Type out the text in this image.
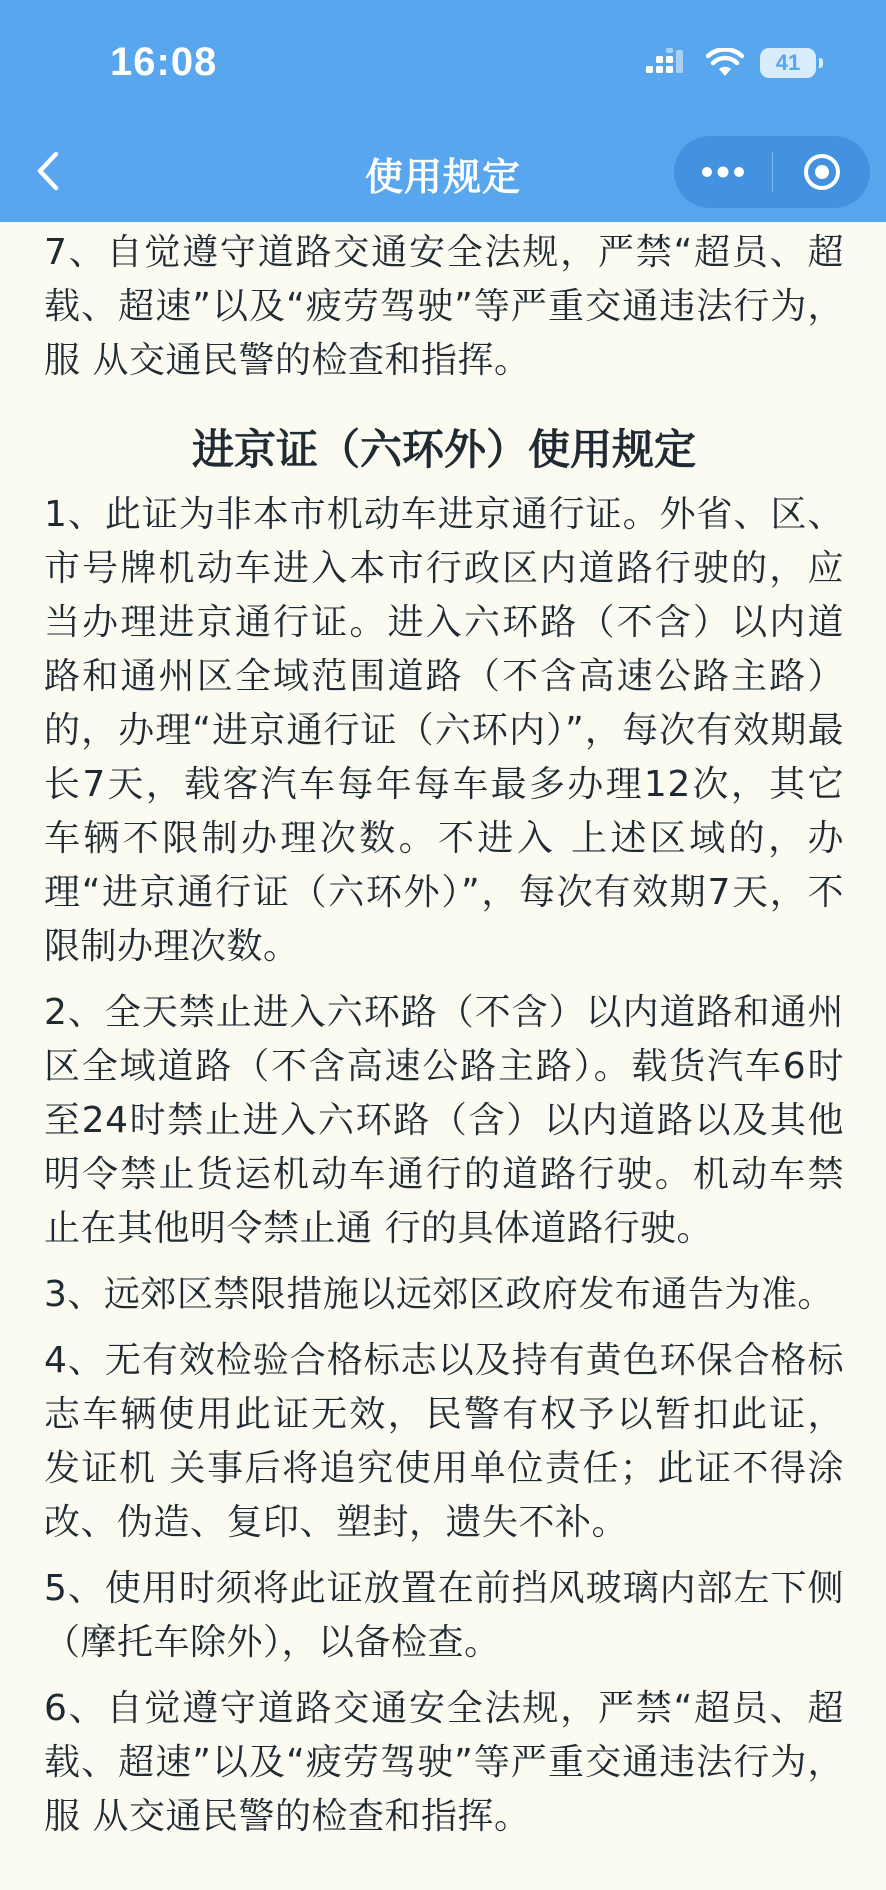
16:08	41
使用规定

7、自觉遵守道路交通安全法规，严禁“超员、超载、超速”以及“疲劳驾驶”等严重交通违法行为，服 从交通民警的检查和指挥。

进京证（六环外）使用规定

1、此证为非本市机动车进京通行证。外省、区、市号牌机动车进入本市行政区内道路行驶的，应当办理进京通行证。进入六环路（不含）以内道路和通州区全域范围道路（不含高速公路主路）的，办理“进京通行证（六环内）”，每次有效期最长7天，载客汽车每年每车最多办理12次，其它车辆不限制办理次数。不进入 上述区域的，办理“进京通行证（六环外）”，每次有效期7天，不限制办理次数。

2、全天禁止进入六环路（不含）以内道路和通州区全域道路（不含高速公路主路）。载货汽车6时至24时禁止进入六环路（含）以内道路以及其他明令禁止货运机动车通行的道路行驶。机动车禁止在其他明令禁止通 行的具体道路行驶。

3、远郊区禁限措施以远郊区政府发布通告为准。

4、无有效检验合格标志以及持有黄色环保合格标志车辆使用此证无效，民警有权予以暂扣此证，发证机 关事后将追究使用单位责任；此证不得涂改、伪造、复印、塑封，遗失不补。

5、使用时须将此证放置在前挡风玻璃内部左下侧（摩托车除外），以备检查。

6、自觉遵守道路交通安全法规，严禁“超员、超载、超速”以及“疲劳驾驶”等严重交通违法行为，服 从交通民警的检查和指挥。
